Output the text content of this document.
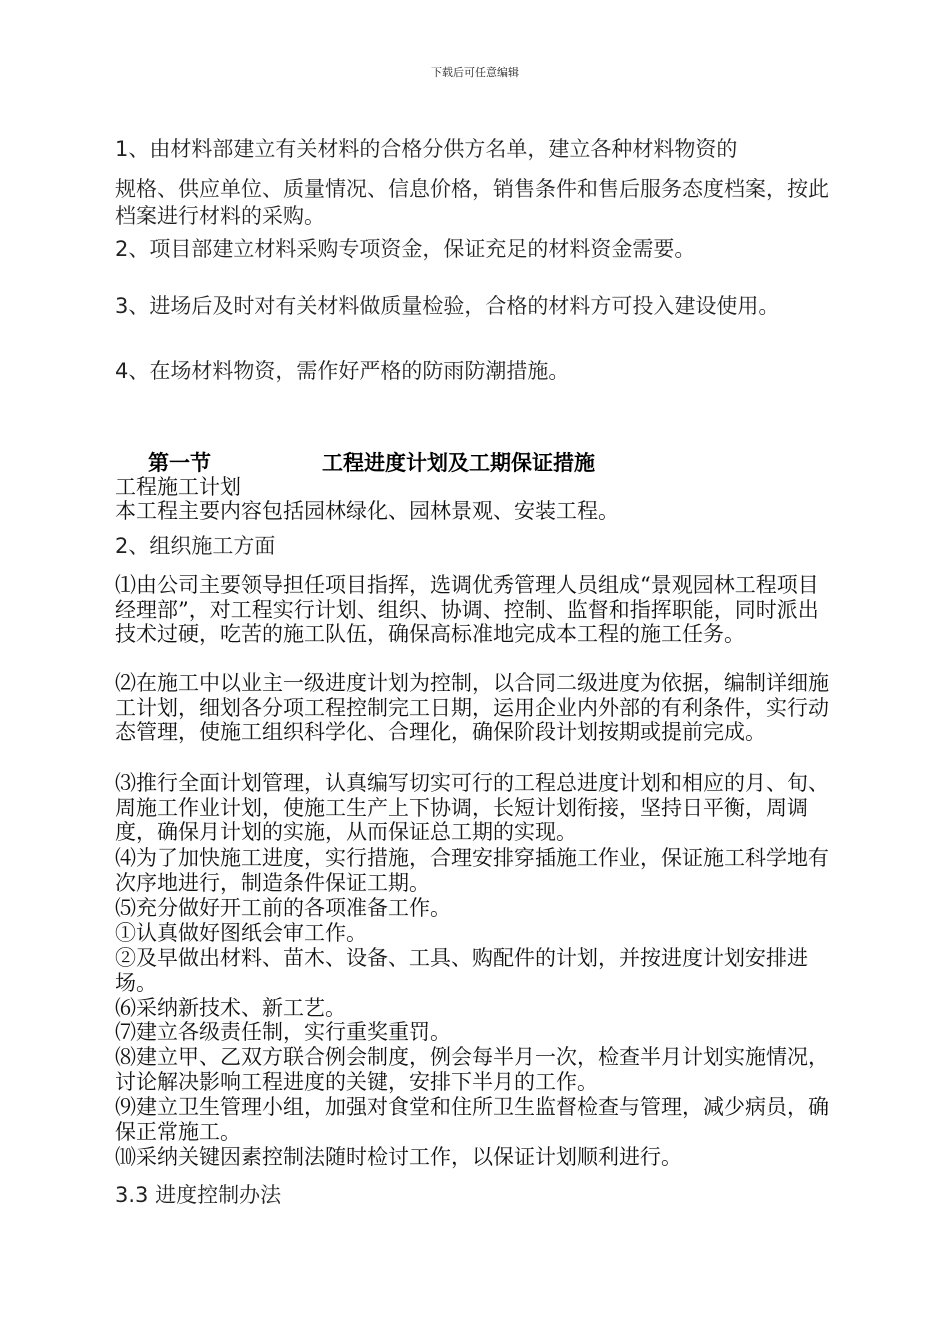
下载后可任意编辑

1、由材料部建立有关材料的合格分供方名单，建立各种材料物资的

规格、供应单位、质量情况、信息价格，销售条件和售后服务态度档案，按此档案进行材料的采购。

2、项目部建立材料采购专项资金，保证充足的材料资金需要。

3、进场后及时对有关材料做质量检验，合格的材料方可投入建设使用。

4、在场材料物资，需作好严格的防雨防潮措施。

第一节	工程进度计划及工期保证措施

工程施工计划

本工程主要内容包括园林绿化、园林景观、安装工程。

2、组织施工方面

⑴由公司主要领导担任项目指挥，选调优秀管理人员组成“景观园林工程项目经理部”，对工程实行计划、组织、协调、控制、监督和指挥职能，同时派出技术过硬，吃苦的施工队伍，确保高标准地完成本工程的施工任务。

⑵在施工中以业主一级进度计划为控制，以合同二级进度为依据，编制详细施工计划，细划各分项工程控制完工日期，运用企业内外部的有利条件，实行动态管理，使施工组织科学化、合理化，确保阶段计划按期或提前完成。

⑶推行全面计划管理，认真编写切实可行的工程总进度计划和相应的月、旬、周施工作业计划，使施工生产上下协调，长短计划衔接，坚持日平衡，周调度，确保月计划的实施，从而保证总工期的实现。

⑷为了加快施工进度，实行措施，合理安排穿插施工作业，保证施工科学地有次序地进行，制造条件保证工期。

⑸充分做好开工前的各项准备工作。

①认真做好图纸会审工作。

②及早做出材料、苗木、设备、工具、购配件的计划，并按进度计划安排进场。

⑹采纳新技术、新工艺。

⑺建立各级责任制，实行重奖重罚。

⑻建立甲、乙双方联合例会制度，例会每半月一次，检查半月计划实施情况，讨论解决影响工程进度的关键，安排下半月的工作。

⑼建立卫生管理小组，加强对食堂和住所卫生监督检查与管理，减少病员，确保正常施工。

⑽采纳关键因素控制法随时检讨工作，以保证计划顺利进行。

3.3 进度控制办法
